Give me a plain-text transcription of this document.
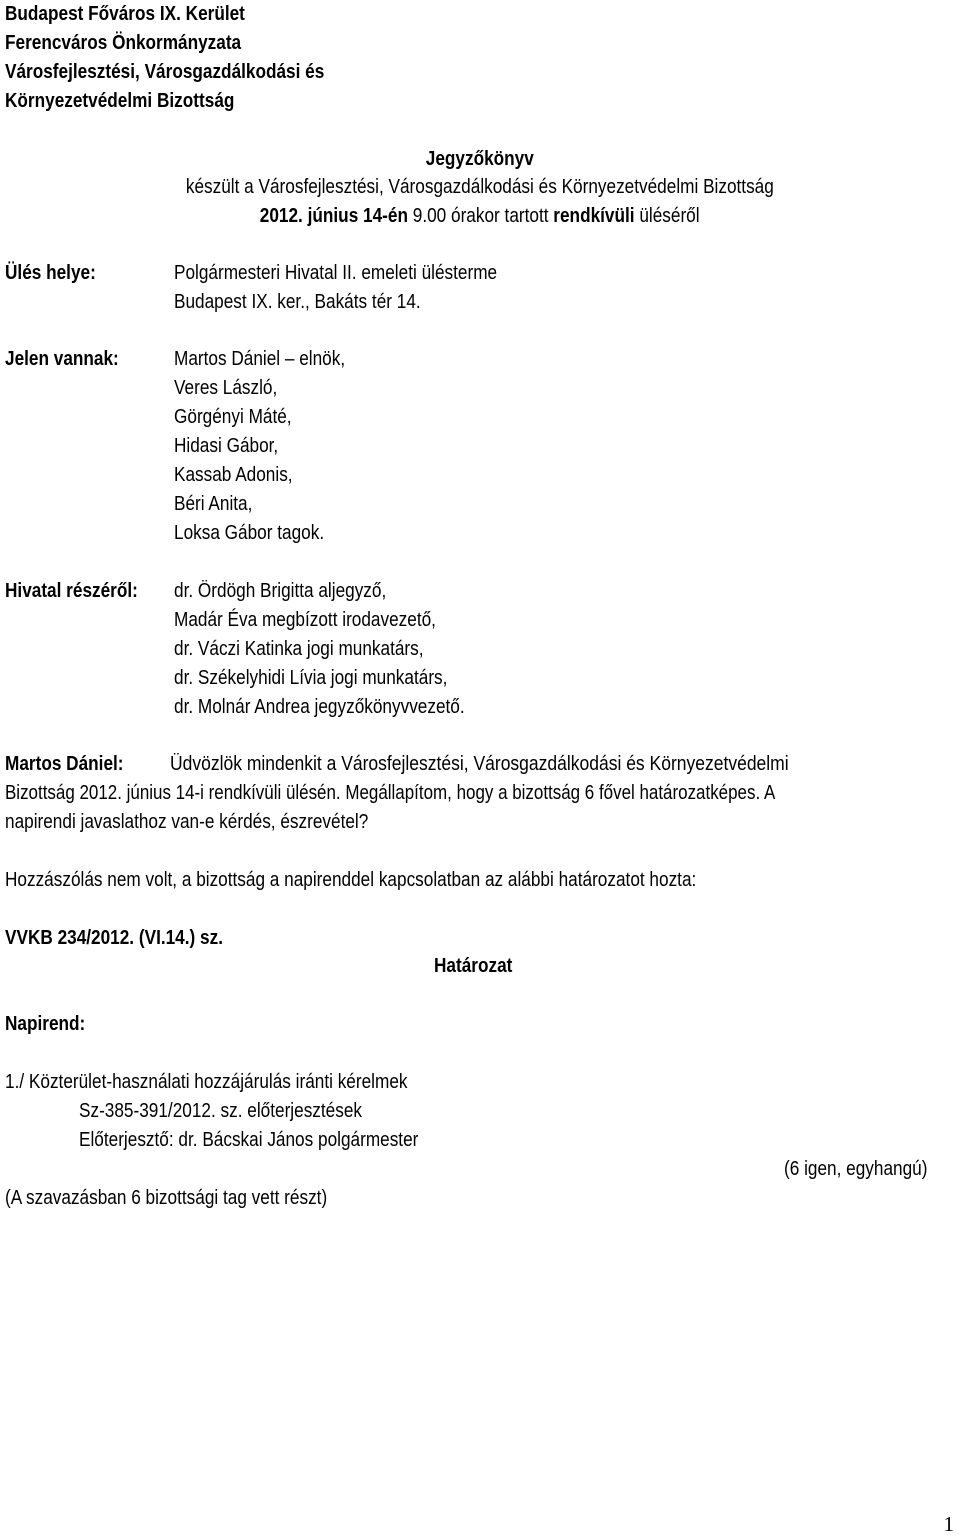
Budapest Főváros IX. Kerület
Ferencváros Önkormányzata
Városfejlesztési, Városgazdálkodási és
Környezetvédelmi Bizottság
Jegyzőkönyv
készült a Városfejlesztési, Városgazdálkodási és Környezetvédelmi Bizottság
2012. június 14-én 9.00 órakor tartott rendkívüli üléséről
Ülés helye:	Polgármesteri Hivatal II. emeleti ülésterme
Budapest IX. ker., Bakáts tér 14.
Jelen vannak:	Martos Dániel – elnök,
Veres László,
Görgényi Máté,
Hidasi Gábor,
Kassab Adonis,
Béri Anita,
Loksa Gábor tagok.
Hivatal részéről: dr. Ördögh Brigitta aljegyző,
Madár Éva megbízott irodavezető,
dr. Váczi Katinka jogi munkatárs,
dr. Székelyhidi Lívia jogi munkatárs,
dr. Molnár Andrea jegyzőkönyvvezető.
Martos Dániel: Üdvözlök mindenkit a Városfejlesztési, Városgazdálkodási és Környezetvédelmi
Bizottság 2012. június 14-i rendkívüli ülésén. Megállapítom, hogy a bizottság 6 fővel határozatképes. A
napirendi javaslathoz van-e kérdés, észrevétel?
Hozzászólás nem volt, a bizottság a napirenddel kapcsolatban az alábbi határozatot hozta:
VVKB 234/2012. (VI.14.) sz.
Határozat
Napirend:
1./ Közterület-használati hozzájárulás iránti kérelmek
Sz-385-391/2012. sz. előterjesztések
Előterjesztő: dr. Bácskai János polgármester
(6 igen, egyhangú)
(A szavazásban 6 bizottsági tag vett részt)
1
